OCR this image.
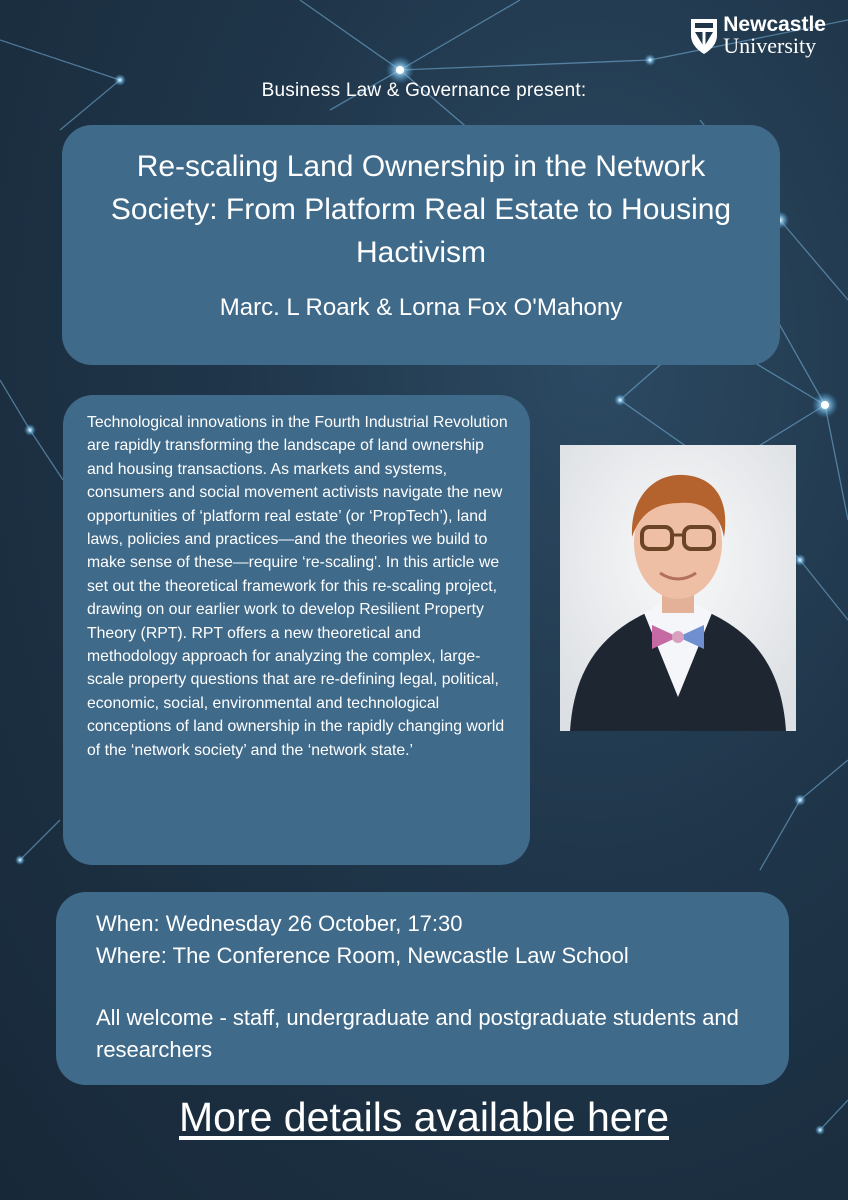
Newcastle
University
Business Law & Governance present:
Re-scaling Land Ownership in the Network Society: From Platform Real Estate to Housing Hactivism
Marc. L Roark & Lorna Fox O'Mahony
Technological innovations in the Fourth Industrial Revolution are rapidly transforming the landscape of land ownership and housing transactions. As markets and systems, consumers and social movement activists navigate the new opportunities of ‘platform real estate’ (or ‘PropTech’), land laws, policies and practices—and the theories we build to make sense of these—require ‘re-scaling'. In this article we set out the theoretical framework for this re-scaling project, drawing on our earlier work to develop Resilient Property Theory (RPT). RPT offers a new theoretical and methodology approach for analyzing the complex, large-scale property questions that are re-defining legal, political, economic, social, environmental and technological conceptions of land ownership in the rapidly changing world of the ‘network society’ and the ‘network state.’
When: Wednesday 26 October, 17:30
Where: The Conference Room, Newcastle Law School
All welcome - staff, undergraduate and postgraduate students and researchers
More details available here
